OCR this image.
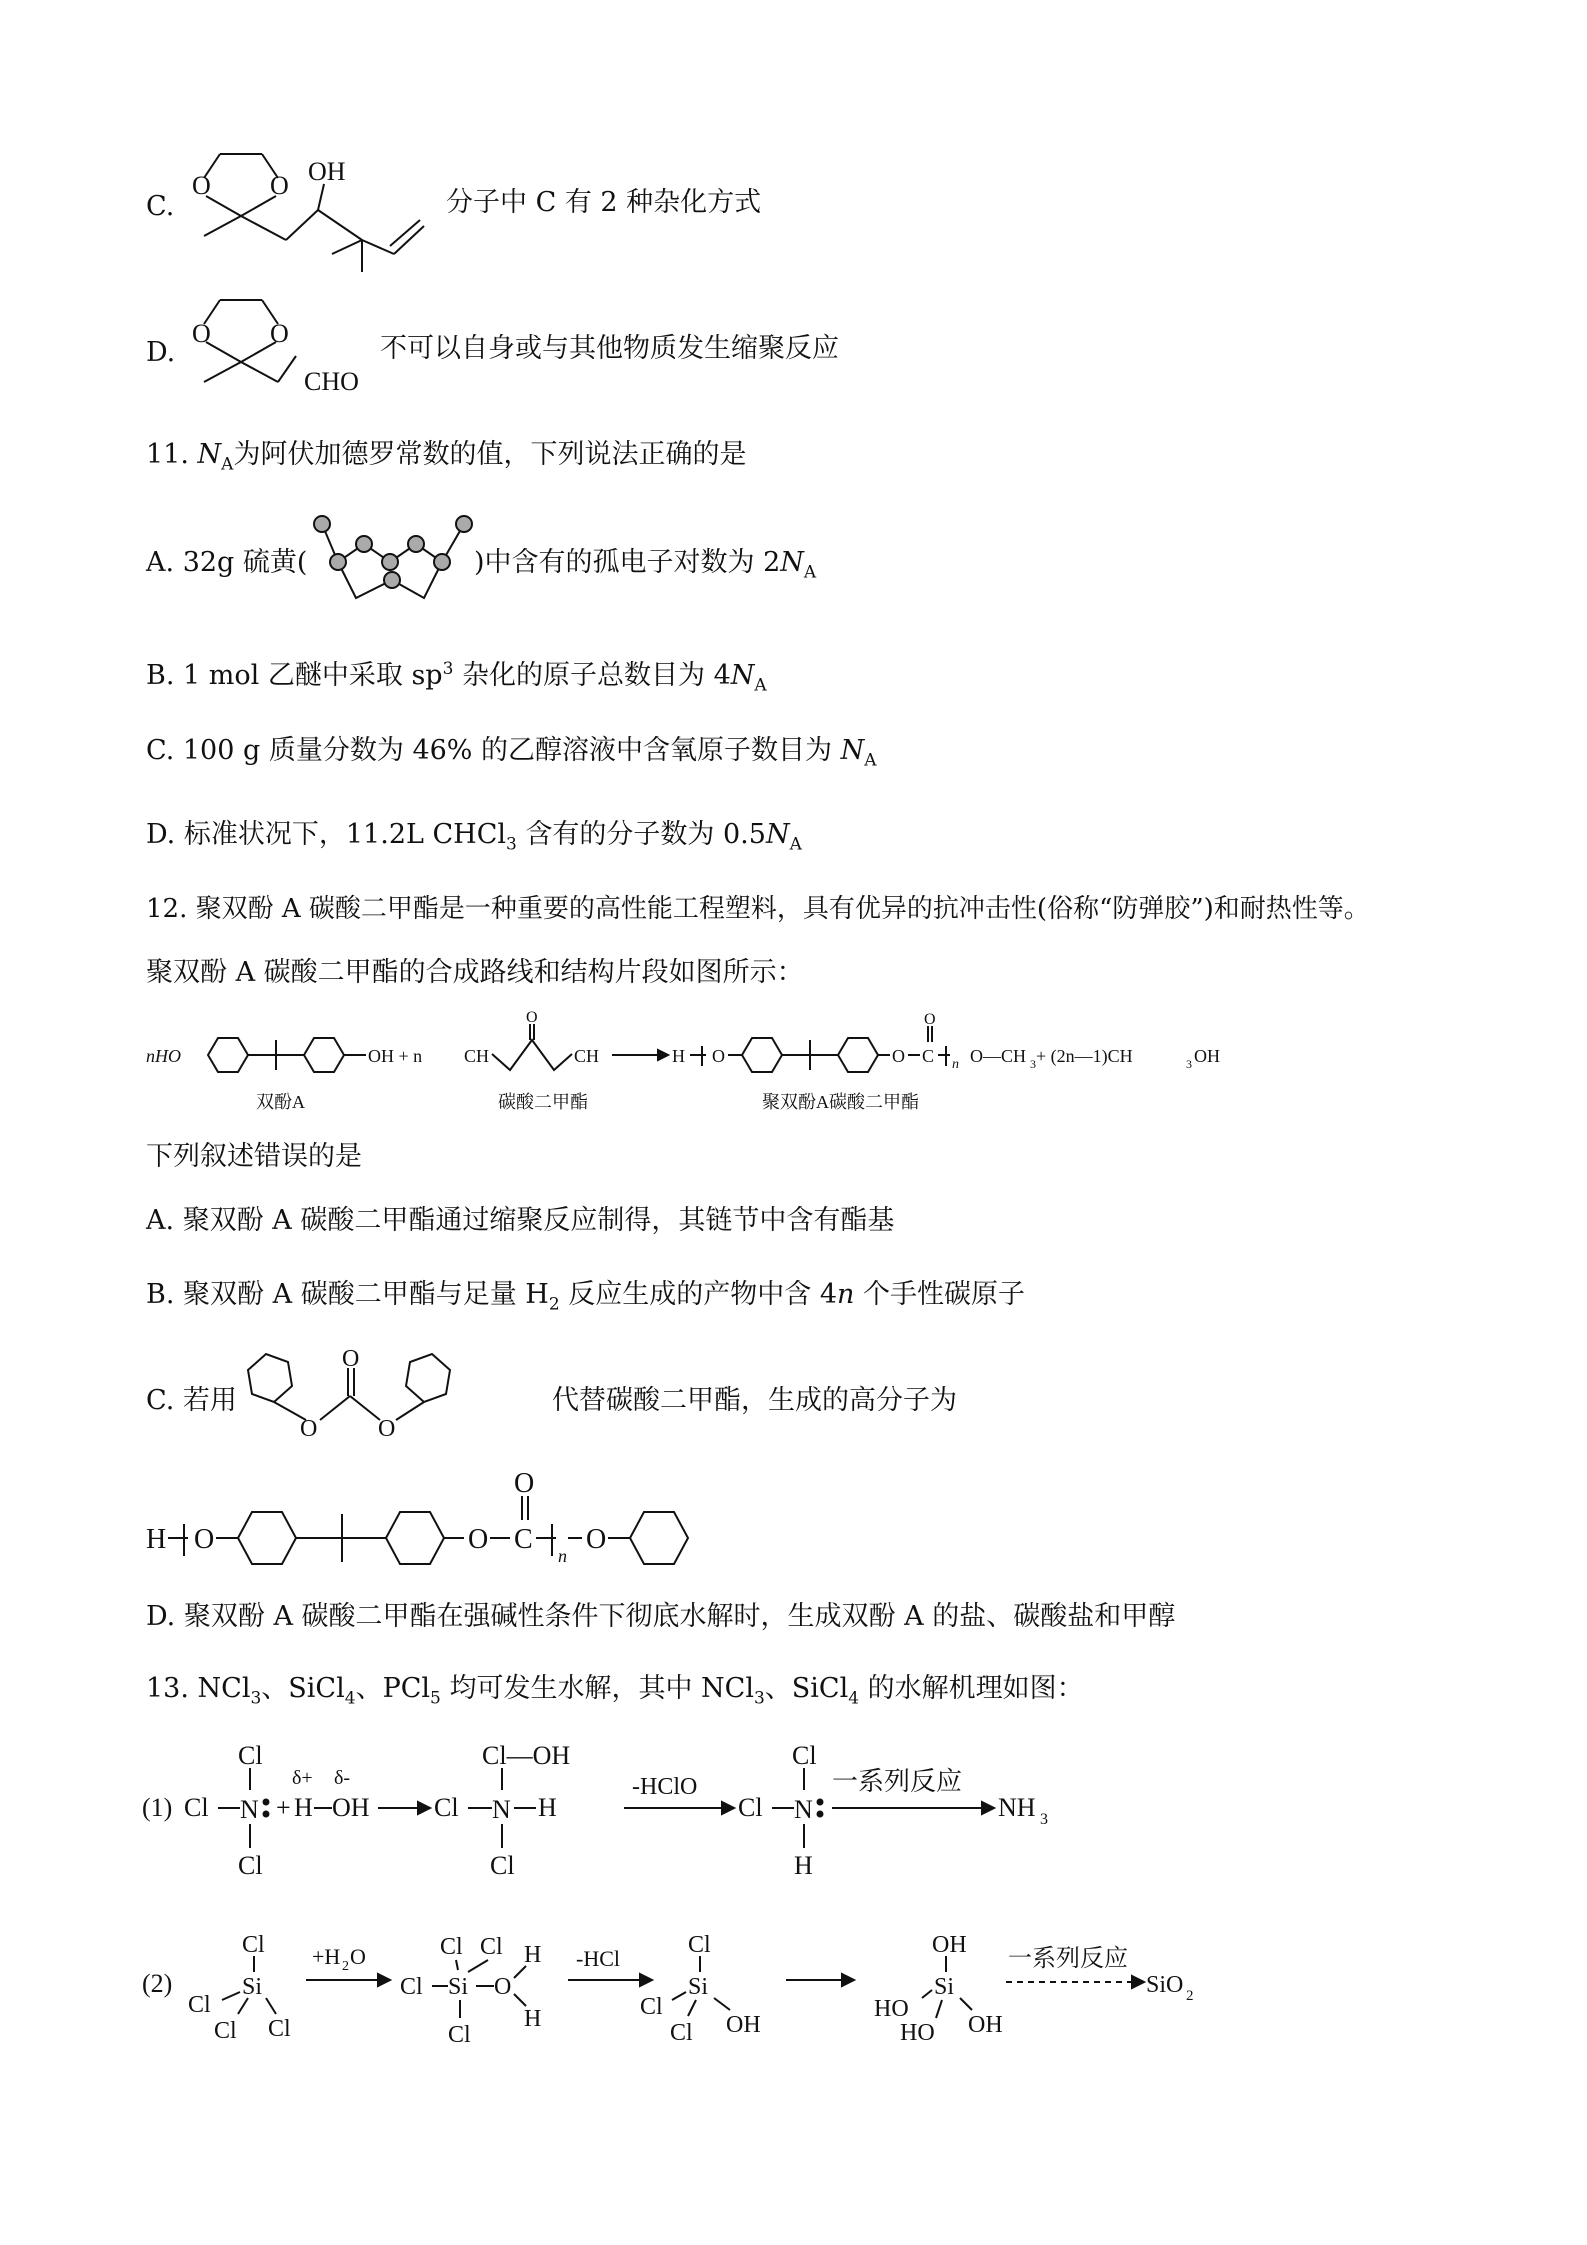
C.
O O OH
分子中 C 有 2 种杂化方式
D.
O O
CHO
不可以自身或与其他物质发生缩聚反应
11. $N_A$为阿伏加德罗常数的值，下列说法正确的是
A. 32g 硫黄(	)中含有的孤电子对数为 $2N_A$
B. 1 mol 乙醚中采取 $sp^3$ 杂化的原子总数目为 $4N_A$
C. 100 g 质量分数为 46% 的乙醇溶液中含氧原子数目为 $N_A$
D. 标准状况下，11.2L CHCl$_3$ 含有的分子数为 $0.5N_A$
12. 聚双酚 A 碳酸二甲酯是一种重要的高性能工程塑料，具有优异的抗冲击性(俗称“防弹胶”)和耐热性等。
聚双酚 A 碳酸二甲酯的合成路线和结构片段如图所示：
nHO	OH + n CH
O
CH	H O	O C
O
n O—CH 3 + (2n—1)CH	3 OH
双酚A	碳酸二甲酯	聚双酚A碳酸二甲酯
下列叙述错误的是
A. 聚双酚 A 碳酸二甲酯通过缩聚反应制得，其链节中含有酯基
B. 聚双酚 A 碳酸二甲酯与足量 $H_2$ 反应生成的产物中含 4n 个手性碳原子
C. 若用
O
O
O
代替碳酸二甲酯，生成的高分子为
H O	O C
O
n
O
D. 聚双酚 A 碳酸二甲酯在强碱性条件下彻底水解时，生成双酚 A 的盐、碳酸盐和甲醇
13. NCl$_3$、SiCl$_4$、PCl$_5$ 均可发生水解，其中 NCl$_3$、SiCl$_4$ 的水解机理如图：
(1) Cl N
Cl
Cl
+ H OH
δ+ δ-
Cl N
Cl—OH
H
Cl
-HClO
Cl N
Cl
H
一系列反应
NH 3
(2)
Cl
Si
Cl
Cl Cl
+H 2 O
Cl Si
Cl Cl
Cl
O
H
H
-HCl
Cl
Si
Cl
Cl OH
OH
Si
HO
HO OH
一系列反应
SiO 2
